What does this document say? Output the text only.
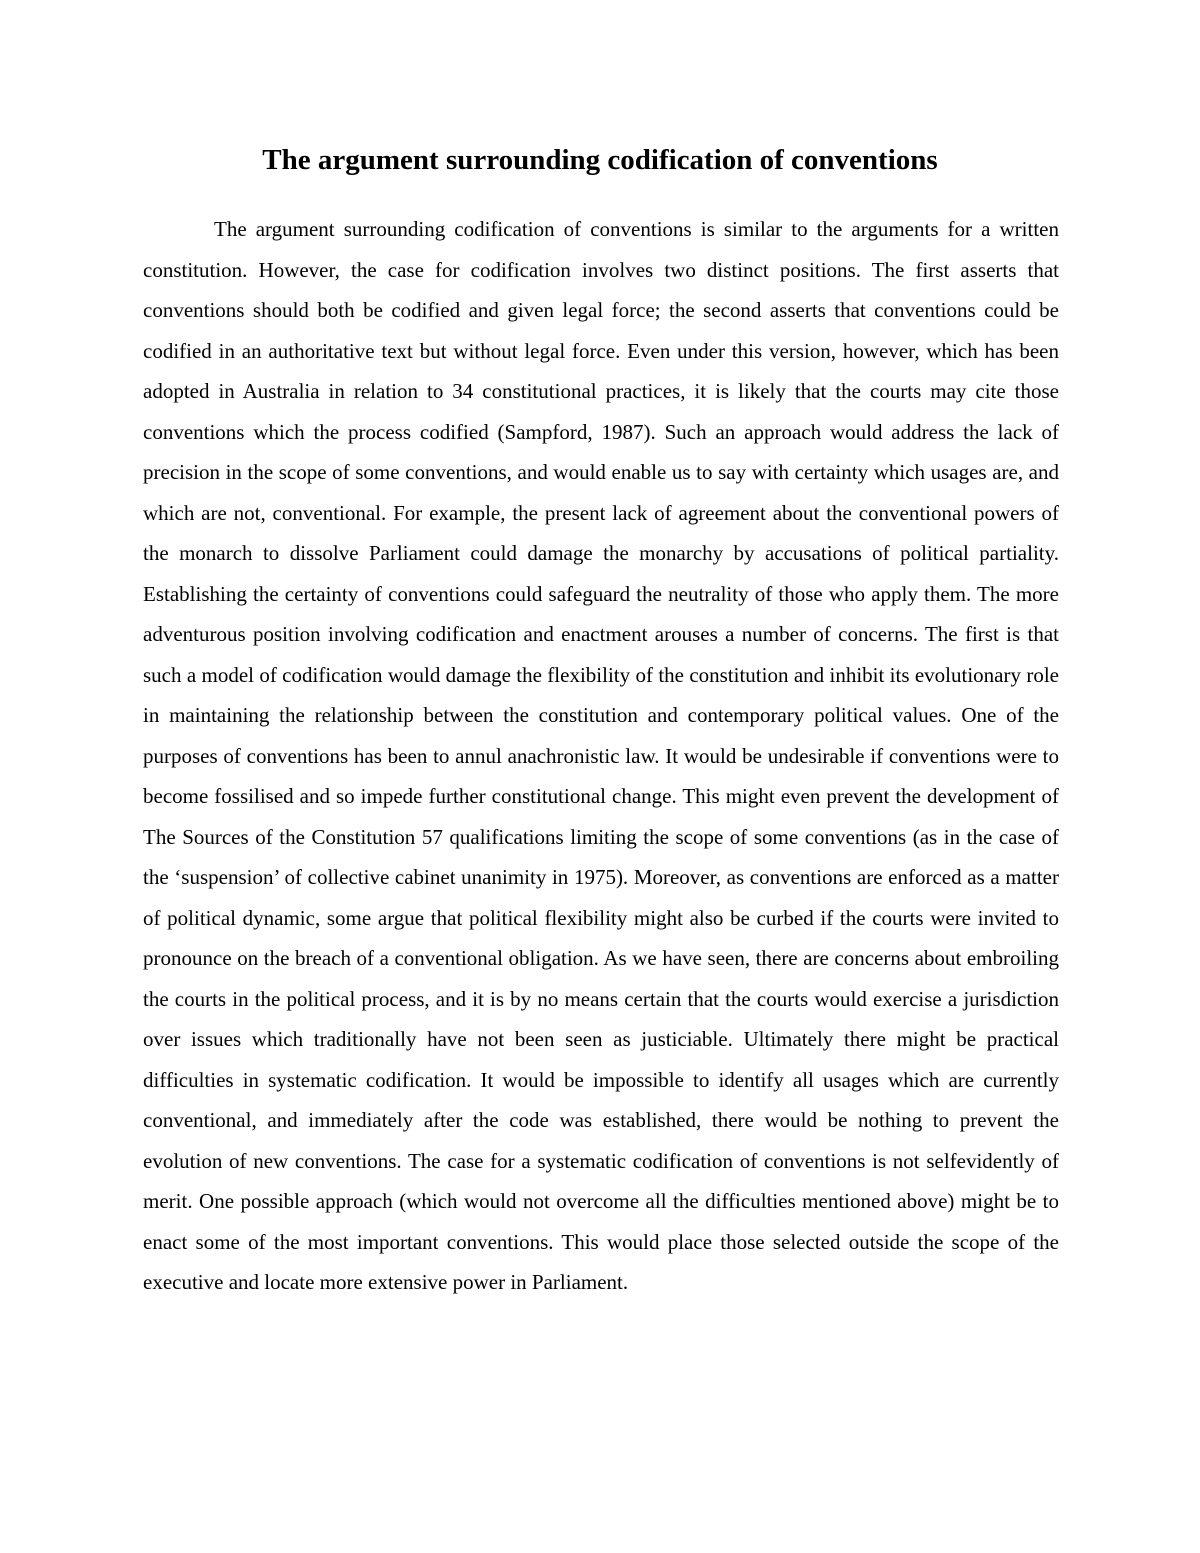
The argument surrounding codification of conventions

The argument surrounding codification of conventions is similar to the arguments for a written constitution. However, the case for codification involves two distinct positions. The first asserts that conventions should both be codified and given legal force; the second asserts that conventions could be codified in an authoritative text but without legal force. Even under this version, however, which has been adopted in Australia in relation to 34 constitutional practices, it is likely that the courts may cite those conventions which the process codified (Sampford, 1987). Such an approach would address the lack of precision in the scope of some conventions, and would enable us to say with certainty which usages are, and which are not, conventional. For example, the present lack of agreement about the conventional powers of the monarch to dissolve Parliament could damage the monarchy by accusations of political partiality. Establishing the certainty of conventions could safeguard the neutrality of those who apply them. The more adventurous position involving codification and enactment arouses a number of concerns. The first is that such a model of codification would damage the flexibility of the constitution and inhibit its evolutionary role in maintaining the relationship between the constitution and contemporary political values. One of the purposes of conventions has been to annul anachronistic law. It would be undesirable if conventions were to become fossilised and so impede further constitutional change. This might even prevent the development of The Sources of the Constitution 57 qualifications limiting the scope of some conventions (as in the case of the ‘suspension’ of collective cabinet unanimity in 1975). Moreover, as conventions are enforced as a matter of political dynamic, some argue that political flexibility might also be curbed if the courts were invited to pronounce on the breach of a conventional obligation. As we have seen, there are concerns about embroiling the courts in the political process, and it is by no means certain that the courts would exercise a jurisdiction over issues which traditionally have not been seen as justiciable. Ultimately there might be practical difficulties in systematic codification. It would be impossible to identify all usages which are currently conventional, and immediately after the code was established, there would be nothing to prevent the evolution of new conventions. The case for a systematic codification of conventions is not selfevidently of merit. One possible approach (which would not overcome all the difficulties mentioned above) might be to enact some of the most important conventions. This would place those selected outside the scope of the executive and locate more extensive power in Parliament.
